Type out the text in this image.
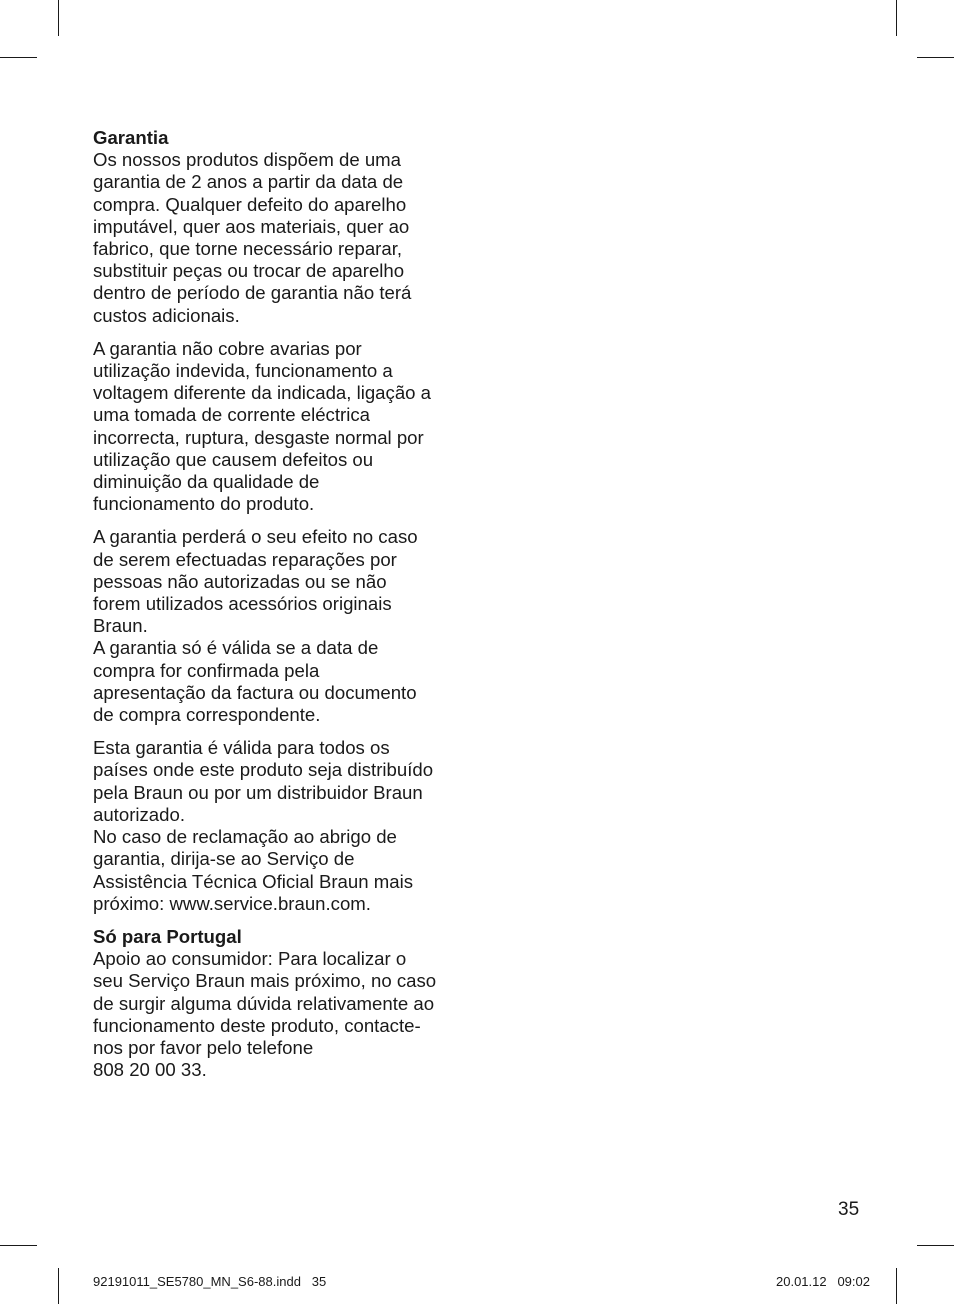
Garantia
Os nossos produtos dispõem de uma
garantia de 2 anos a partir da data de
compra. Qualquer defeito do aparelho
imputável, quer aos materiais, quer ao
fabrico, que torne necessário reparar,
substituir peças ou trocar de aparelho
dentro de período de garantia não terá
custos adicionais.
A garantia não cobre avarias por
utilização indevida, funcionamento a
voltagem diferente da indicada, ligação a
uma tomada de corrente eléctrica
incorrecta, ruptura, desgaste normal por
utilização que causem defeitos ou
diminuição da qualidade de
funcionamento do produto.
A garantia perderá o seu efeito no caso
de serem efectuadas reparações por
pessoas não autorizadas ou se não
forem utilizados acessórios originais
Braun.
A garantia só é válida se a data de
compra for confirmada pela
apresentação da factura ou documento
de compra correspondente.
Esta garantia é válida para todos os
países onde este produto seja distribuído
pela Braun ou por um distribuidor Braun
autorizado.
No caso de reclamação ao abrigo de
garantia, dirija-se ao Serviço de
Assistência Técnica Oficial Braun mais
próximo: www.service.braun.com.
Só para Portugal
Apoio ao consumidor: Para localizar o
seu Serviço Braun mais próximo, no caso
de surgir alguma dúvida relativamente ao
funcionamento deste produto, contacte-
nos por favor pelo telefone
808 20 00 33.
35
92191011_SE5780_MN_S6-88.indd   35	20.01.12   09:02
